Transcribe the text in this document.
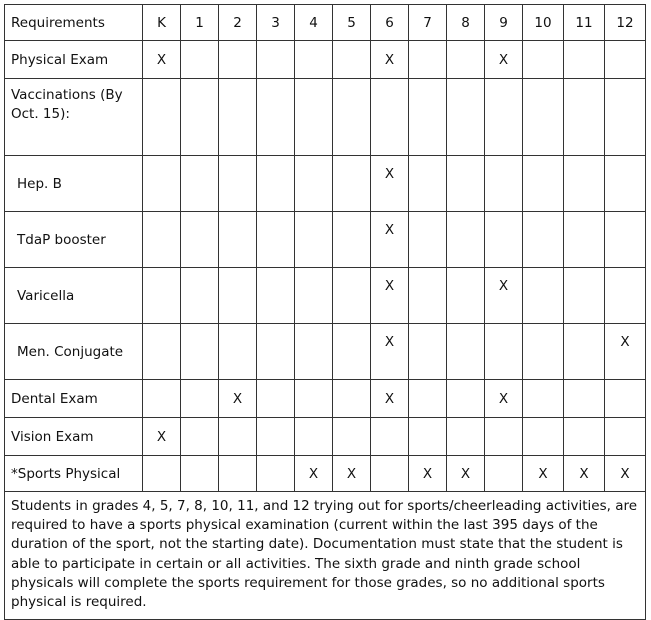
Requirements	K	1	2	3	4	5	6	7	8	9	10	11	12
Physical Exam	X						X			X			
Vaccinations (By Oct. 15):													
Hep. B							X						
TdaP booster							X						
Varicella							X			X			
Men. Conjugate							X						X
Dental Exam			X				X			X			
Vision Exam	X												
*Sports Physical					X	X		X	X		X	X	X
Students in grades 4, 5, 7, 8, 10, 11, and 12 trying out for sports/cheerleading activities, are required to have a sports physical examination (current within the last 395 days of the duration of the sport, not the starting date). Documentation must state that the student is able to participate in certain or all activities. The sixth grade and ninth grade school physicals will complete the sports requirement for those grades, so no additional sports physical is required.													
